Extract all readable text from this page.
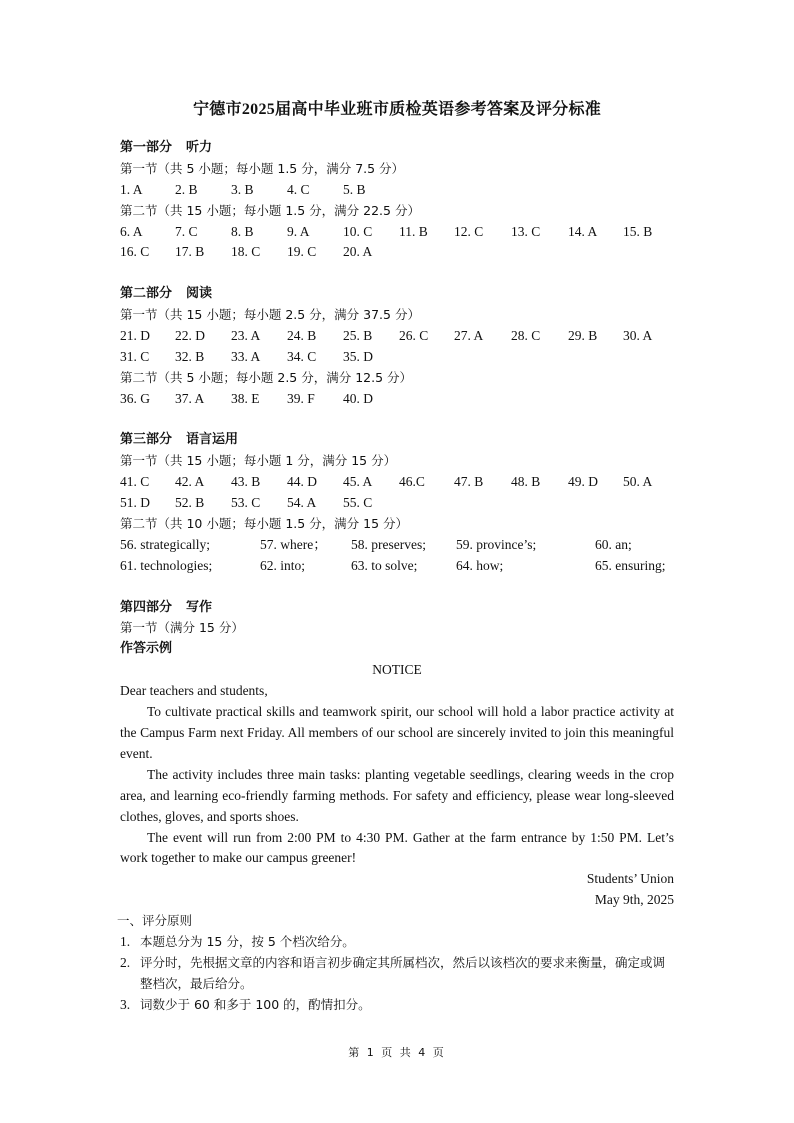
宁德市2025届高中毕业班市质检英语参考答案及评分标准
第一部分 听力
第一节（共 5 小题；每小题 1.5 分，满分 7.5 分）
1. A 2. B 3. B 4. C 5. B
第二节（共 15 小题；每小题 1.5 分，满分 22.5 分）
6. A 7. C 8. B 9. A 10. C 11. B 12. C 13. C 14. A 15. B
16. C 17. B 18. C 19. C 20. A
第二部分 阅读
第一节（共 15 小题；每小题 2.5 分，满分 37.5 分）
21. D 22. D 23. A 24. B 25. B 26. C 27. A 28. C 29. B 30. A
31. C 32. B 33. A 34. C 35. D
第二节（共 5 小题；每小题 2.5 分，满分 12.5 分）
36. G 37. A 38. E 39. F 40. D
第三部分 语言运用
第一节（共 15 小题；每小题 1 分，满分 15 分）
41. C 42. A 43. B 44. D 45. A 46.C 47. B 48. B 49. D 50. A
51. D 52. B 53. C 54. A 55. C
第二节（共 10 小题；每小题 1.5 分，满分 15 分）
56. strategically;	57. where； 58. preserves; 59. province’s;	60. an;
61. technologies;	62. into;	63. to solve;	64. how;	65. ensuring;
第四部分 写作
第一节（满分 15 分）
作答示例
NOTICE
Dear teachers and students,
To cultivate practical skills and teamwork spirit, our school will hold a labor practice activity at the Campus Farm next Friday. All members of our school are sincerely invited to join this meaningful event.
The activity includes three main tasks: planting vegetable seedlings, clearing weeds in the crop area, and learning eco-friendly farming methods. For safety and efficiency, please wear long-sleeved clothes, gloves, and sports shoes.
The event will run from 2:00 PM to 4:30 PM. Gather at the farm entrance by 1:50 PM. Let’s work together to make our campus greener!
Students’ Union
May 9th, 2025
一、评分原则
1. 本题总分为 15 分，按 5 个档次给分。
2. 评分时，先根据文章的内容和语言初步确定其所属档次，然后以该档次的要求来衡量，确定或调整档次，最后给分。
3. 词数少于 60 和多于 100 的，酌情扣分。
第 1 页 共 4 页
